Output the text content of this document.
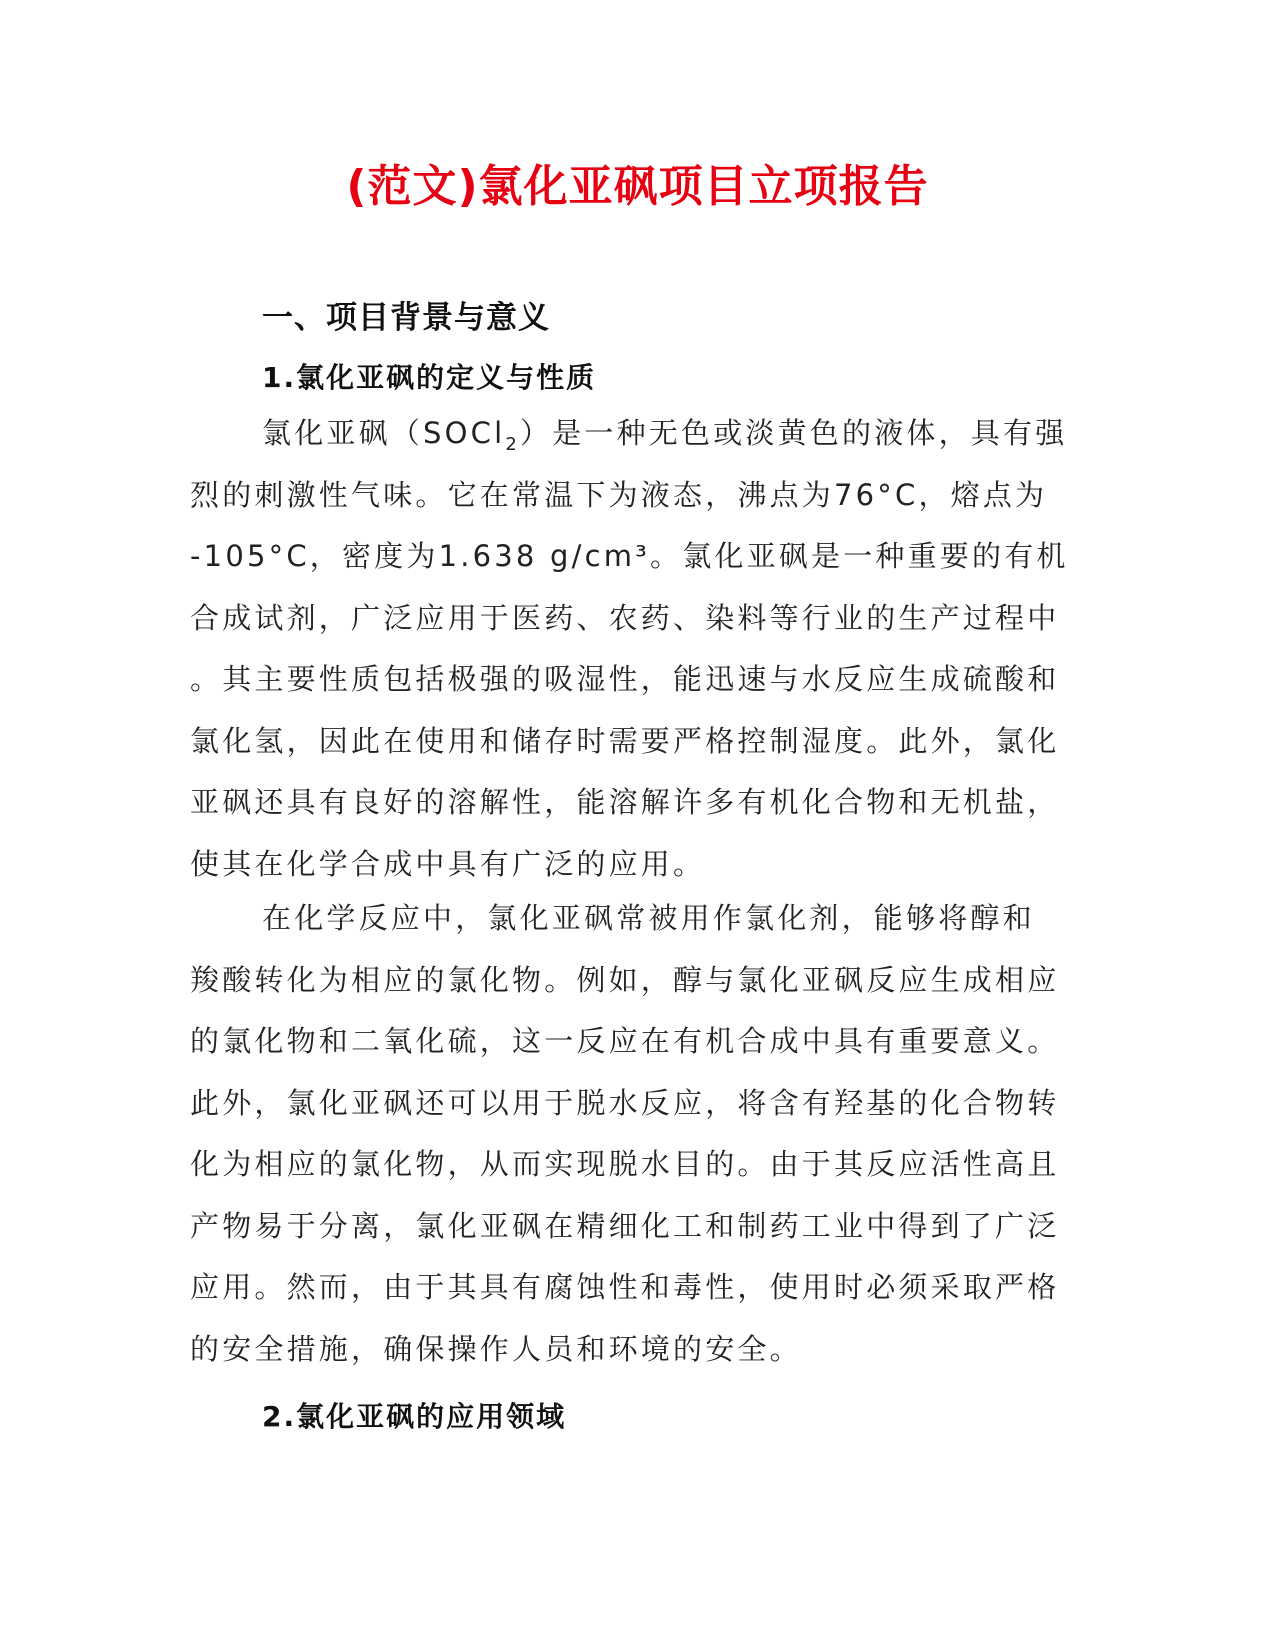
(范文)氯化亚砜项目立项报告
一、项目背景与意义
1.氯化亚砜的定义与性质
氯化亚砜（SOCl$_2$）是一种无色或淡黄色的液体，具有强
烈的刺激性气味。它在常温下为液态，沸点为76°C，熔点为
-105°C，密度为1.638 g/cm³。氯化亚砜是一种重要的有机
合成试剂，广泛应用于医药、农药、染料等行业的生产过程中
。其主要性质包括极强的吸湿性，能迅速与水反应生成硫酸和
氯化氢，因此在使用和储存时需要严格控制湿度。此外，氯化
亚砜还具有良好的溶解性，能溶解许多有机化合物和无机盐，
使其在化学合成中具有广泛的应用。
在化学反应中，氯化亚砜常被用作氯化剂，能够将醇和
羧酸转化为相应的氯化物。例如，醇与氯化亚砜反应生成相应
的氯化物和二氧化硫，这一反应在有机合成中具有重要意义。
此外，氯化亚砜还可以用于脱水反应，将含有羟基的化合物转
化为相应的氯化物，从而实现脱水目的。由于其反应活性高且
产物易于分离，氯化亚砜在精细化工和制药工业中得到了广泛
应用。然而，由于其具有腐蚀性和毒性，使用时必须采取严格
的安全措施，确保操作人员和环境的安全。
2.氯化亚砜的应用领域
